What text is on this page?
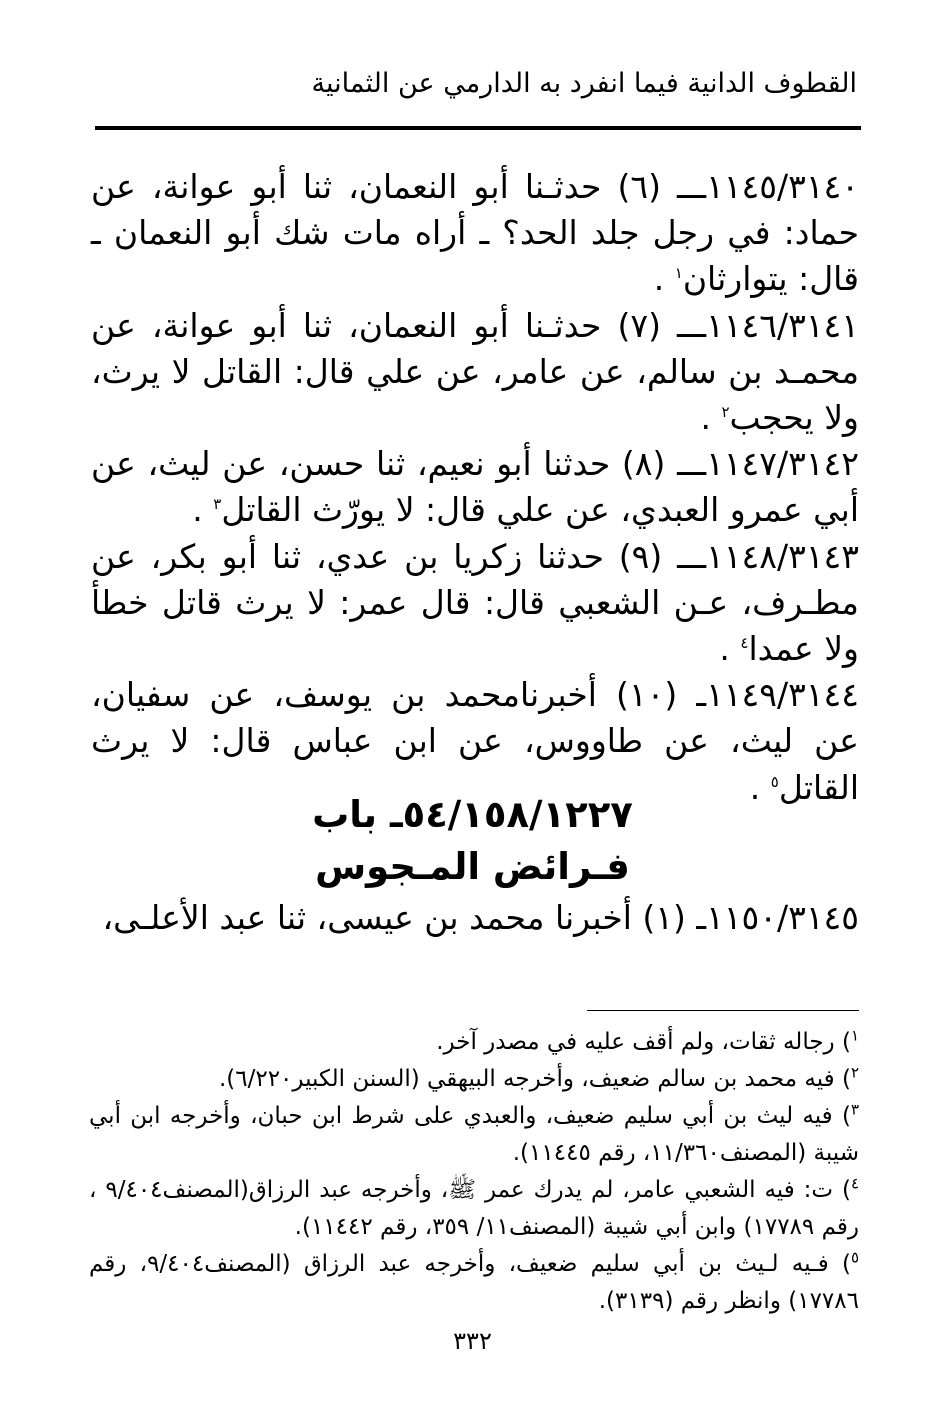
القطوف الدانية فيما انفرد به الدارمي عن الثمانية

١١٤٥/٣١٤٠ـــ (٦) حدثـنا أبو النعمان، ثنا أبو عوانة، عن حماد: في رجل جلد الحد؟ ـ أراه مات شك أبو النعمان ـ قال: يتوارثان$^١$ .

١١٤٦/٣١٤١ـــ (٧) حدثـنا أبو النعمان، ثنا أبو عوانة، عن محمـد بن سالم، عن عامر، عن علي قال: القاتل لا يرث، ولا يحجب$^٢$ .

١١٤٧/٣١٤٢ـــ (٨) حدثنا أبو نعيم، ثنا حسن، عن ليث، عن أبي عمرو العبدي، عن علي قال: لا يورّث القاتل$^٣$ .

١١٤٨/٣١٤٣ـــ (٩) حدثنا زكريا بن عدي، ثنا أبو بكر، عن مطـرف، عـن الشعبي قال: قال عمر: لا يرث قاتل خطأ ولا عمدا$^٤$ .

١١٤٩/٣١٤٤ـ (١٠) أخبرنامحمد بن يوسف، عن سفيان، عن ليث، عن طاووس، عن ابن عباس قال: لا يرث القاتل$^٥$ .

٥٤/١٥٨/١٢٢٧ـ باب
فـرائض المـجوس
١١٥٠/٣١٤٥ـ (١) أخبرنا محمد بن عيسى، ثنا عبد الأعلـى،

$^١$) رجاله ثقات، ولم أقف عليه في مصدر آخر.

$^٢$) فيه محمد بن سالم ضعيف، وأخرجه البيهقي (السنن الكبير٦/٢٢٠).

$^٣$) فيه ليث بن أبي سليم ضعيف، والعبدي على شرط ابن حبان، وأخرجه ابن أبي شيبة (المصنف١١/٣٦٠، رقم ١١٤٤٥).

$^٤$) ت: فيه الشعبي عامر، لم يدرك عمر ﷺ، وأخرجه عبد الرزاق(المصنف٩/٤٠٤ ، رقم ١٧٧٨٩) وابن أبي شيبة (المصنف١١/ ٣٥٩، رقم ١١٤٤٢).

$^٥$) فـيه لـيث بن أبي سليم ضعيف، وأخرجه عبد الرزاق (المصنف٩/٤٠٤، رقم ١٧٧٨٦) وانظر رقم (٣١٣٩).

٣٣٢
